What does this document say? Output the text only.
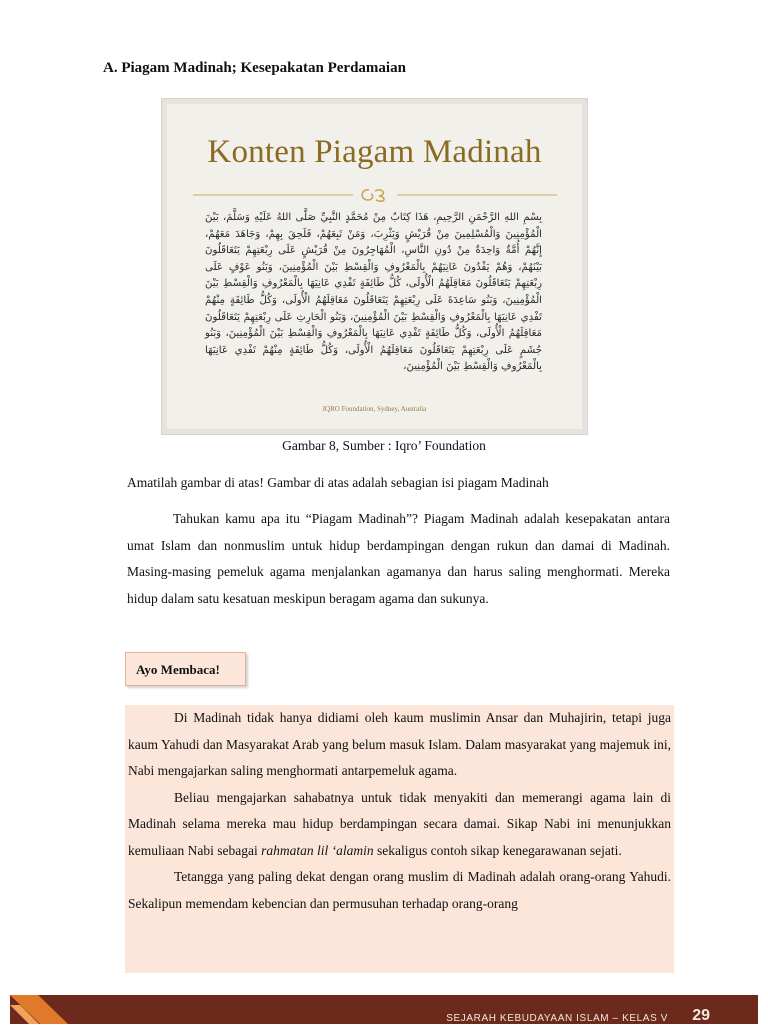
A. Piagam Madinah; Kesepakatan Perdamaian
Konten Piagam Madinah
بِسْمِ اللهِ الرَّحْمَنِ الرَّحِيمِ، هَذَا كِتَابٌ مِنْ مُحَمَّدٍ النَّبِيِّ صَلَّى اللهُ عَلَيْهِ وَسَلَّمَ، بَيْنَ الْمُؤْمِنِينَ وَالْمُسْلِمِينَ مِنْ قُرَيْشٍ وَيَثْرِبَ، وَمَنْ تَبِعَهُمْ، فَلَحِقَ بِهِمْ، وَجَاهَدَ مَعَهُمْ، إِنَّهُمْ أُمَّةٌ وَاحِدَةٌ مِنْ دُونِ النَّاسِ، الْمُهَاجِرُونَ مِنْ قُرَيْشٍ عَلَى رِبْعَتِهِمْ يَتَعَاقَلُونَ بَيْنَهُمْ، وَهُمْ يَفْدُونَ عَانِيَهُمْ بِالْمَعْرُوفِ وَالْقِسْطِ بَيْنَ الْمُؤْمِنِينَ، وَبَنُو عَوْفٍ عَلَى رِبْعَتِهِمْ يَتَعَاقَلُونَ مَعَاقِلَهُمُ الْأُولَى، كُلُّ طَائِفَةٍ تَفْدِي عَانِيَهَا بِالْمَعْرُوفِ وَالْقِسْطِ بَيْنَ الْمُؤْمِنِينَ، وَبَنُو سَاعِدَةَ عَلَى رِبْعَتِهِمْ يَتَعَاقَلُونَ مَعَاقِلَهُمُ الْأُولَى، وَكُلُّ طَائِفَةٍ مِنْهُمْ تَفْدِي عَانِيَهَا بِالْمَعْرُوفِ وَالْقِسْطِ بَيْنَ الْمُؤْمِنِينَ، وَبَنُو الْحَارِثِ عَلَى رِبْعَتِهِمْ يَتَعَاقَلُونَ مَعَاقِلَهُمُ الْأُولَى، وَكُلُّ طَائِفَةٍ تَفْدِي عَانِيَهَا بِالْمَعْرُوفِ وَالْقِسْطِ بَيْنَ الْمُؤْمِنِينَ، وَبَنُو جُشَمٍ عَلَى رِبْعَتِهِمْ يَتَعَاقَلُونَ مَعَاقِلَهُمُ الْأُولَى، وَكُلُّ طَائِفَةٍ مِنْهُمْ تَفْدِي عَانِيَهَا بِالْمَعْرُوفِ وَالْقِسْطِ بَيْنَ الْمُؤْمِنِينَ،
IQRO Foundation, Sydney, Australia
Gambar 8, Sumber : Iqro’ Foundation
Amatilah gambar di atas! Gambar di atas adalah sebagian isi piagam Madinah
Tahukan kamu apa itu “Piagam Madinah”? Piagam Madinah adalah kesepakatan antara umat Islam dan nonmuslim untuk hidup berdampingan dengan rukun dan damai di Madinah. Masing-masing pemeluk agama menjalankan agamanya dan harus saling menghormati. Mereka hidup dalam satu kesatuan meskipun beragam agama dan sukunya.
Ayo Membaca!
Di Madinah tidak hanya didiami oleh kaum muslimin Ansar dan Muhajirin, tetapi juga kaum Yahudi dan Masyarakat Arab yang belum masuk Islam. Dalam masyarakat yang majemuk ini, Nabi mengajarkan saling menghormati antarpemeluk agama.
Beliau mengajarkan sahabatnya untuk tidak menyakiti dan memerangi agama lain di Madinah selama mereka mau hidup berdampingan secara damai. Sikap Nabi ini menunjukkan kemuliaan Nabi sebagai rahmatan lil ‘alamin sekaligus contoh sikap kenegarawanan sejati.
Tetangga yang paling dekat dengan orang muslim di Madinah adalah orang-orang Yahudi. Sekalipun memendam kebencian dan permusuhan terhadap orang-orang
SEJARAH KEBUDAYAAN ISLAM – KELAS V 29
